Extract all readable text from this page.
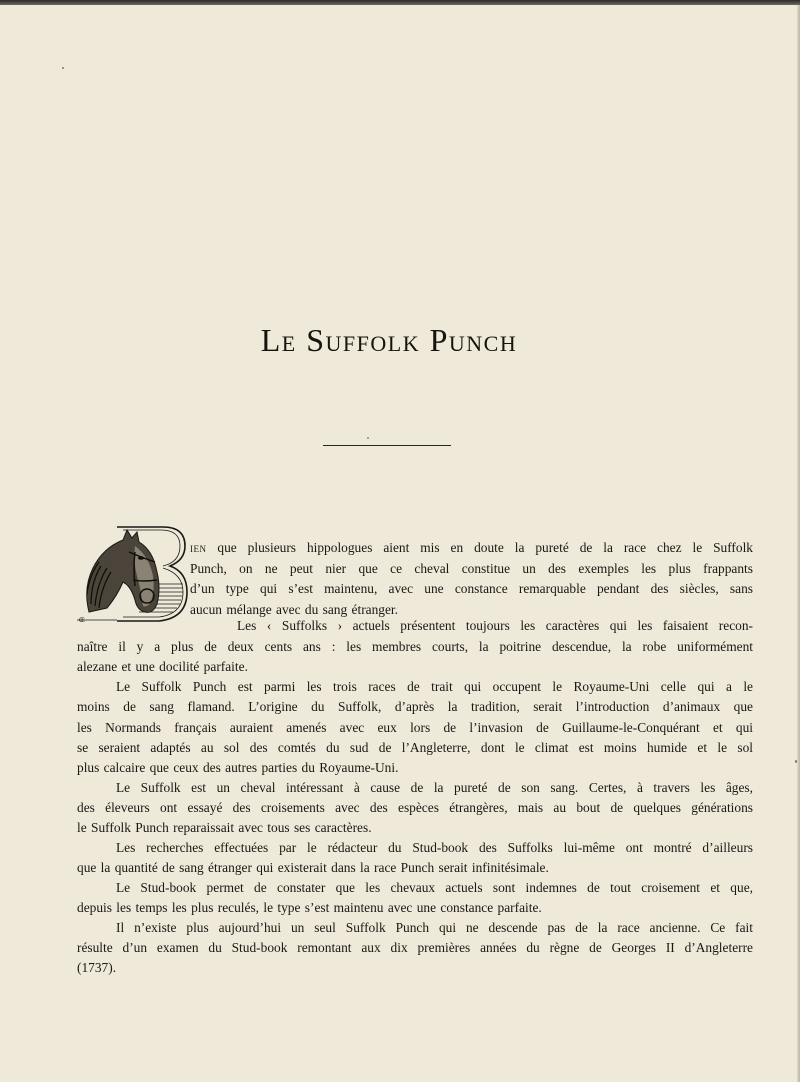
Le Suffolk Punch
ɶ

ien que plusieurs hippologues aient mis en doute la pureté de la race chez le Suffolk

Punch, on ne peut nier que ce cheval constitue un des exemples les plus frappants

d’un type qui s’est maintenu, avec une constance remarquable pendant des siècles, sans

aucun mélange avec du sang étranger.

Les ‹ Suffolks › actuels présentent toujours les caractères qui les faisaient recon-

naître il y a plus de deux cents ans : les membres courts, la poitrine descendue, la robe uniformément

alezane et une docilité parfaite.

Le Suffolk Punch est parmi les trois races de trait qui occupent le Royaume-Uni celle qui a le

moins de sang flamand. L’origine du Suffolk, d’après la tradition, serait l’introduction d’animaux que

les Normands français auraient amenés avec eux lors de l’invasion de Guillaume-le-Conquérant et qui

se seraient adaptés au sol des comtés du sud de l’Angleterre, dont le climat est moins humide et le sol

plus calcaire que ceux des autres parties du Royaume-Uni.

Le Suffolk est un cheval intéressant à cause de la pureté de son sang. Certes, à travers les âges,

des éleveurs ont essayé des croisements avec des espèces étrangères, mais au bout de quelques générations

le Suffolk Punch reparaissait avec tous ses caractères.

Les recherches effectuées par le rédacteur du Stud-book des Suffolks lui-même ont montré d’ailleurs

que la quantité de sang étranger qui existerait dans la race Punch serait infinitésimale.

Le Stud-book permet de constater que les chevaux actuels sont indemnes de tout croisement et que,

depuis les temps les plus reculés, le type s’est maintenu avec une constance parfaite.

Il n’existe plus aujourd’hui un seul Suffolk Punch qui ne descende pas de la race ancienne. Ce fait

résulte d’un examen du Stud-book remontant aux dix premières années du règne de Georges II d’Angleterre

(1737).
